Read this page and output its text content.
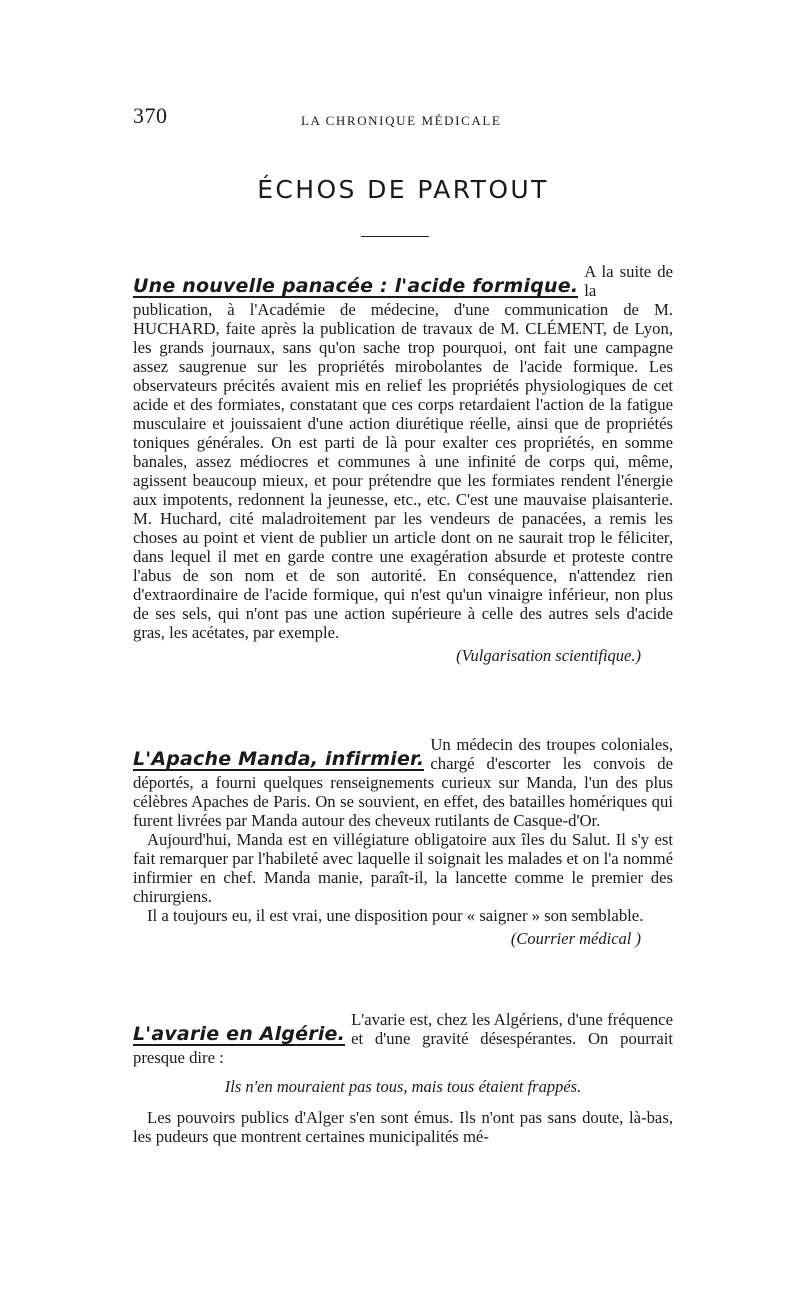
370	LA CHRONIQUE MÉDICALE
ÉCHOS DE PARTOUT
Une nouvelle panacée : l'acide formique.

A la suite de la publication, à l'Académie de médecine, d'une communication de M. HUCHARD, faite après la publication de travaux de M. CLÉMENT, de Lyon, les grands journaux, sans qu'on sache trop pourquoi, ont fait une campagne assez saugrenue sur les propriétés mirobolantes de l'acide formique. Les observateurs précités avaient mis en relief les propriétés physiologiques de cet acide et des formiates, constatant que ces corps retardaient l'action de la fatigue musculaire et jouissaient d'une action diurétique réelle, ainsi que de propriétés toniques générales. On est parti de là pour exalter ces propriétés, en somme banales, assez médiocres et communes à une infinité de corps qui, même, agissent beaucoup mieux, et pour prétendre que les formiates rendent l'énergie aux impotents, redonnent la jeunesse, etc., etc. C'est une mauvaise plaisanterie. M. Huchard, cité maladroitement par les vendeurs de panacées, a remis les choses au point et vient de publier un article dont on ne saurait trop le féliciter, dans lequel il met en garde contre une exagération absurde et proteste contre l'abus de son nom et de son autorité. En conséquence, n'attendez rien d'extraordinaire de l'acide formique, qui n'est qu'un vinaigre inférieur, non plus de ses sels, qui n'ont pas une action supérieure à celle des autres sels d'acide gras, les acétates, par exemple.

(Vulgarisation scientifique.)

L'Apache Manda, infirmier.

Un médecin des troupes coloniales, chargé d'escorter les convois de déportés, a fourni quelques renseignements curieux sur Manda, l'un des plus célèbres Apaches de Paris. On se souvient, en effet, des batailles homériques qui furent livrées par Manda autour des cheveux rutilants de Casque-d'Or.

Aujourd'hui, Manda est en villégiature obligatoire aux îles du Salut. Il s'y est fait remarquer par l'habileté avec laquelle il soignait les malades et on l'a nommé infirmier en chef. Manda manie, paraît-il, la lancette comme le premier des chirurgiens.

Il a toujours eu, il est vrai, une disposition pour « saigner » son semblable.

(Courrier médical )

L'avarie en Algérie.

L'avarie est, chez les Algériens, d'une fréquence et d'une gravité désespérantes. On pourrait presque dire :

Ils n'en mouraient pas tous, mais tous étaient frappés.

Les pouvoirs publics d'Alger s'en sont émus. Ils n'ont pas sans doute, là-bas, les pudeurs que montrent certaines municipalités mé-
